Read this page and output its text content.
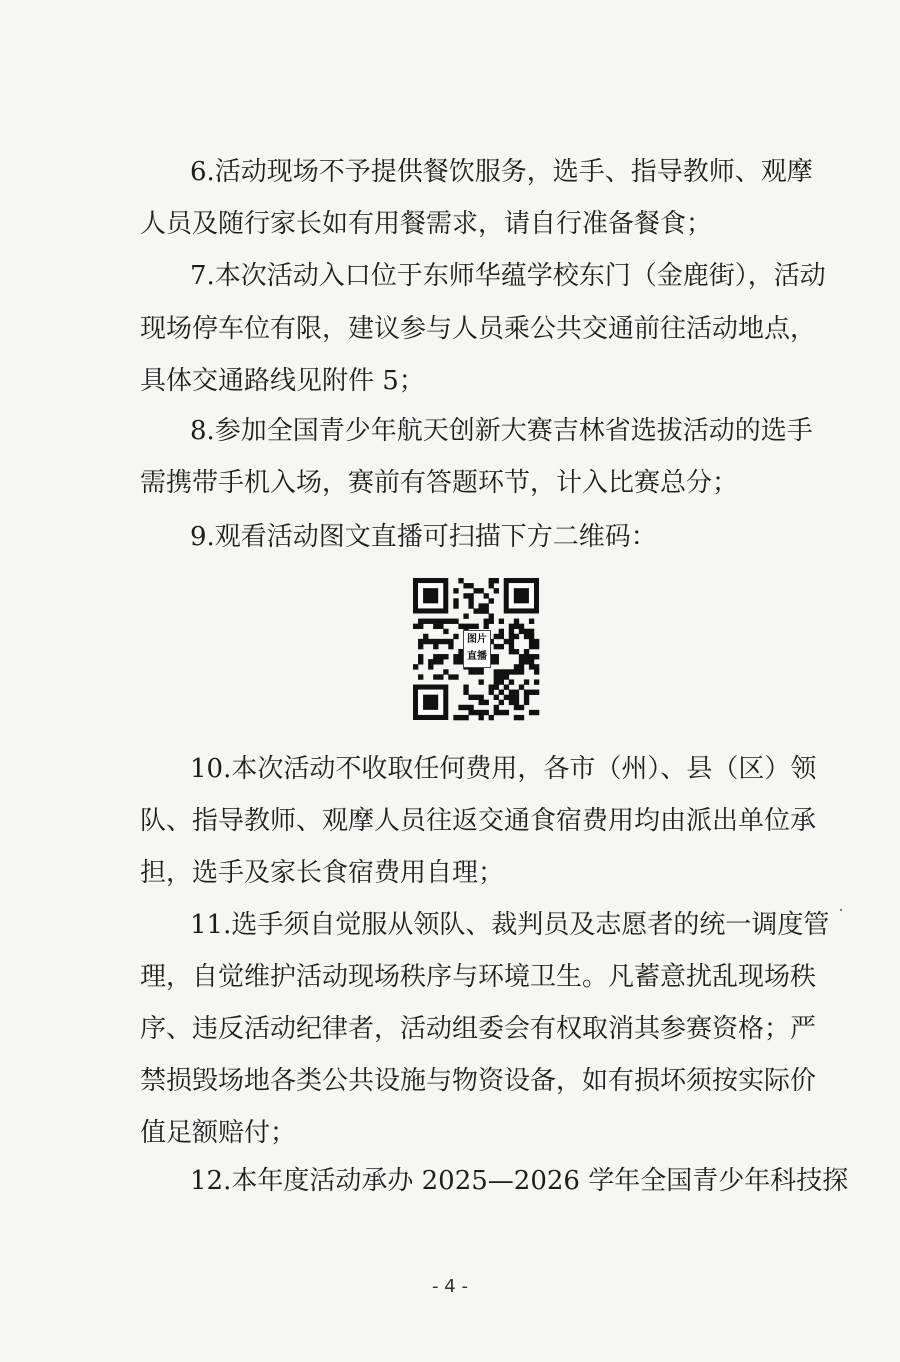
6.活动现场不予提供餐饮服务，选手、指导教师、观摩
人员及随行家长如有用餐需求，请自行准备餐食；
7.本次活动入口位于东师华蕴学校东门（金鹿街），活动
现场停车位有限，建议参与人员乘公共交通前往活动地点，
具体交通路线见附件 5；
8.参加全国青少年航天创新大赛吉林省选拔活动的选手
需携带手机入场，赛前有答题环节，计入比赛总分；
9.观看活动图文直播可扫描下方二维码：
图片
直播
10.本次活动不收取任何费用，各市（州）、县（区）领
队、指导教师、观摩人员往返交通食宿费用均由派出单位承
担，选手及家长食宿费用自理；
11.选手须自觉服从领队、裁判员及志愿者的统一调度管
理，自觉维护活动现场秩序与环境卫生。凡蓄意扰乱现场秩
序、违反活动纪律者，活动组委会有权取消其参赛资格；严
禁损毁场地各类公共设施与物资设备，如有损坏须按实际价
值足额赔付；
12.本年度活动承办 2025—2026 学年全国青少年科技探
- 4 -
